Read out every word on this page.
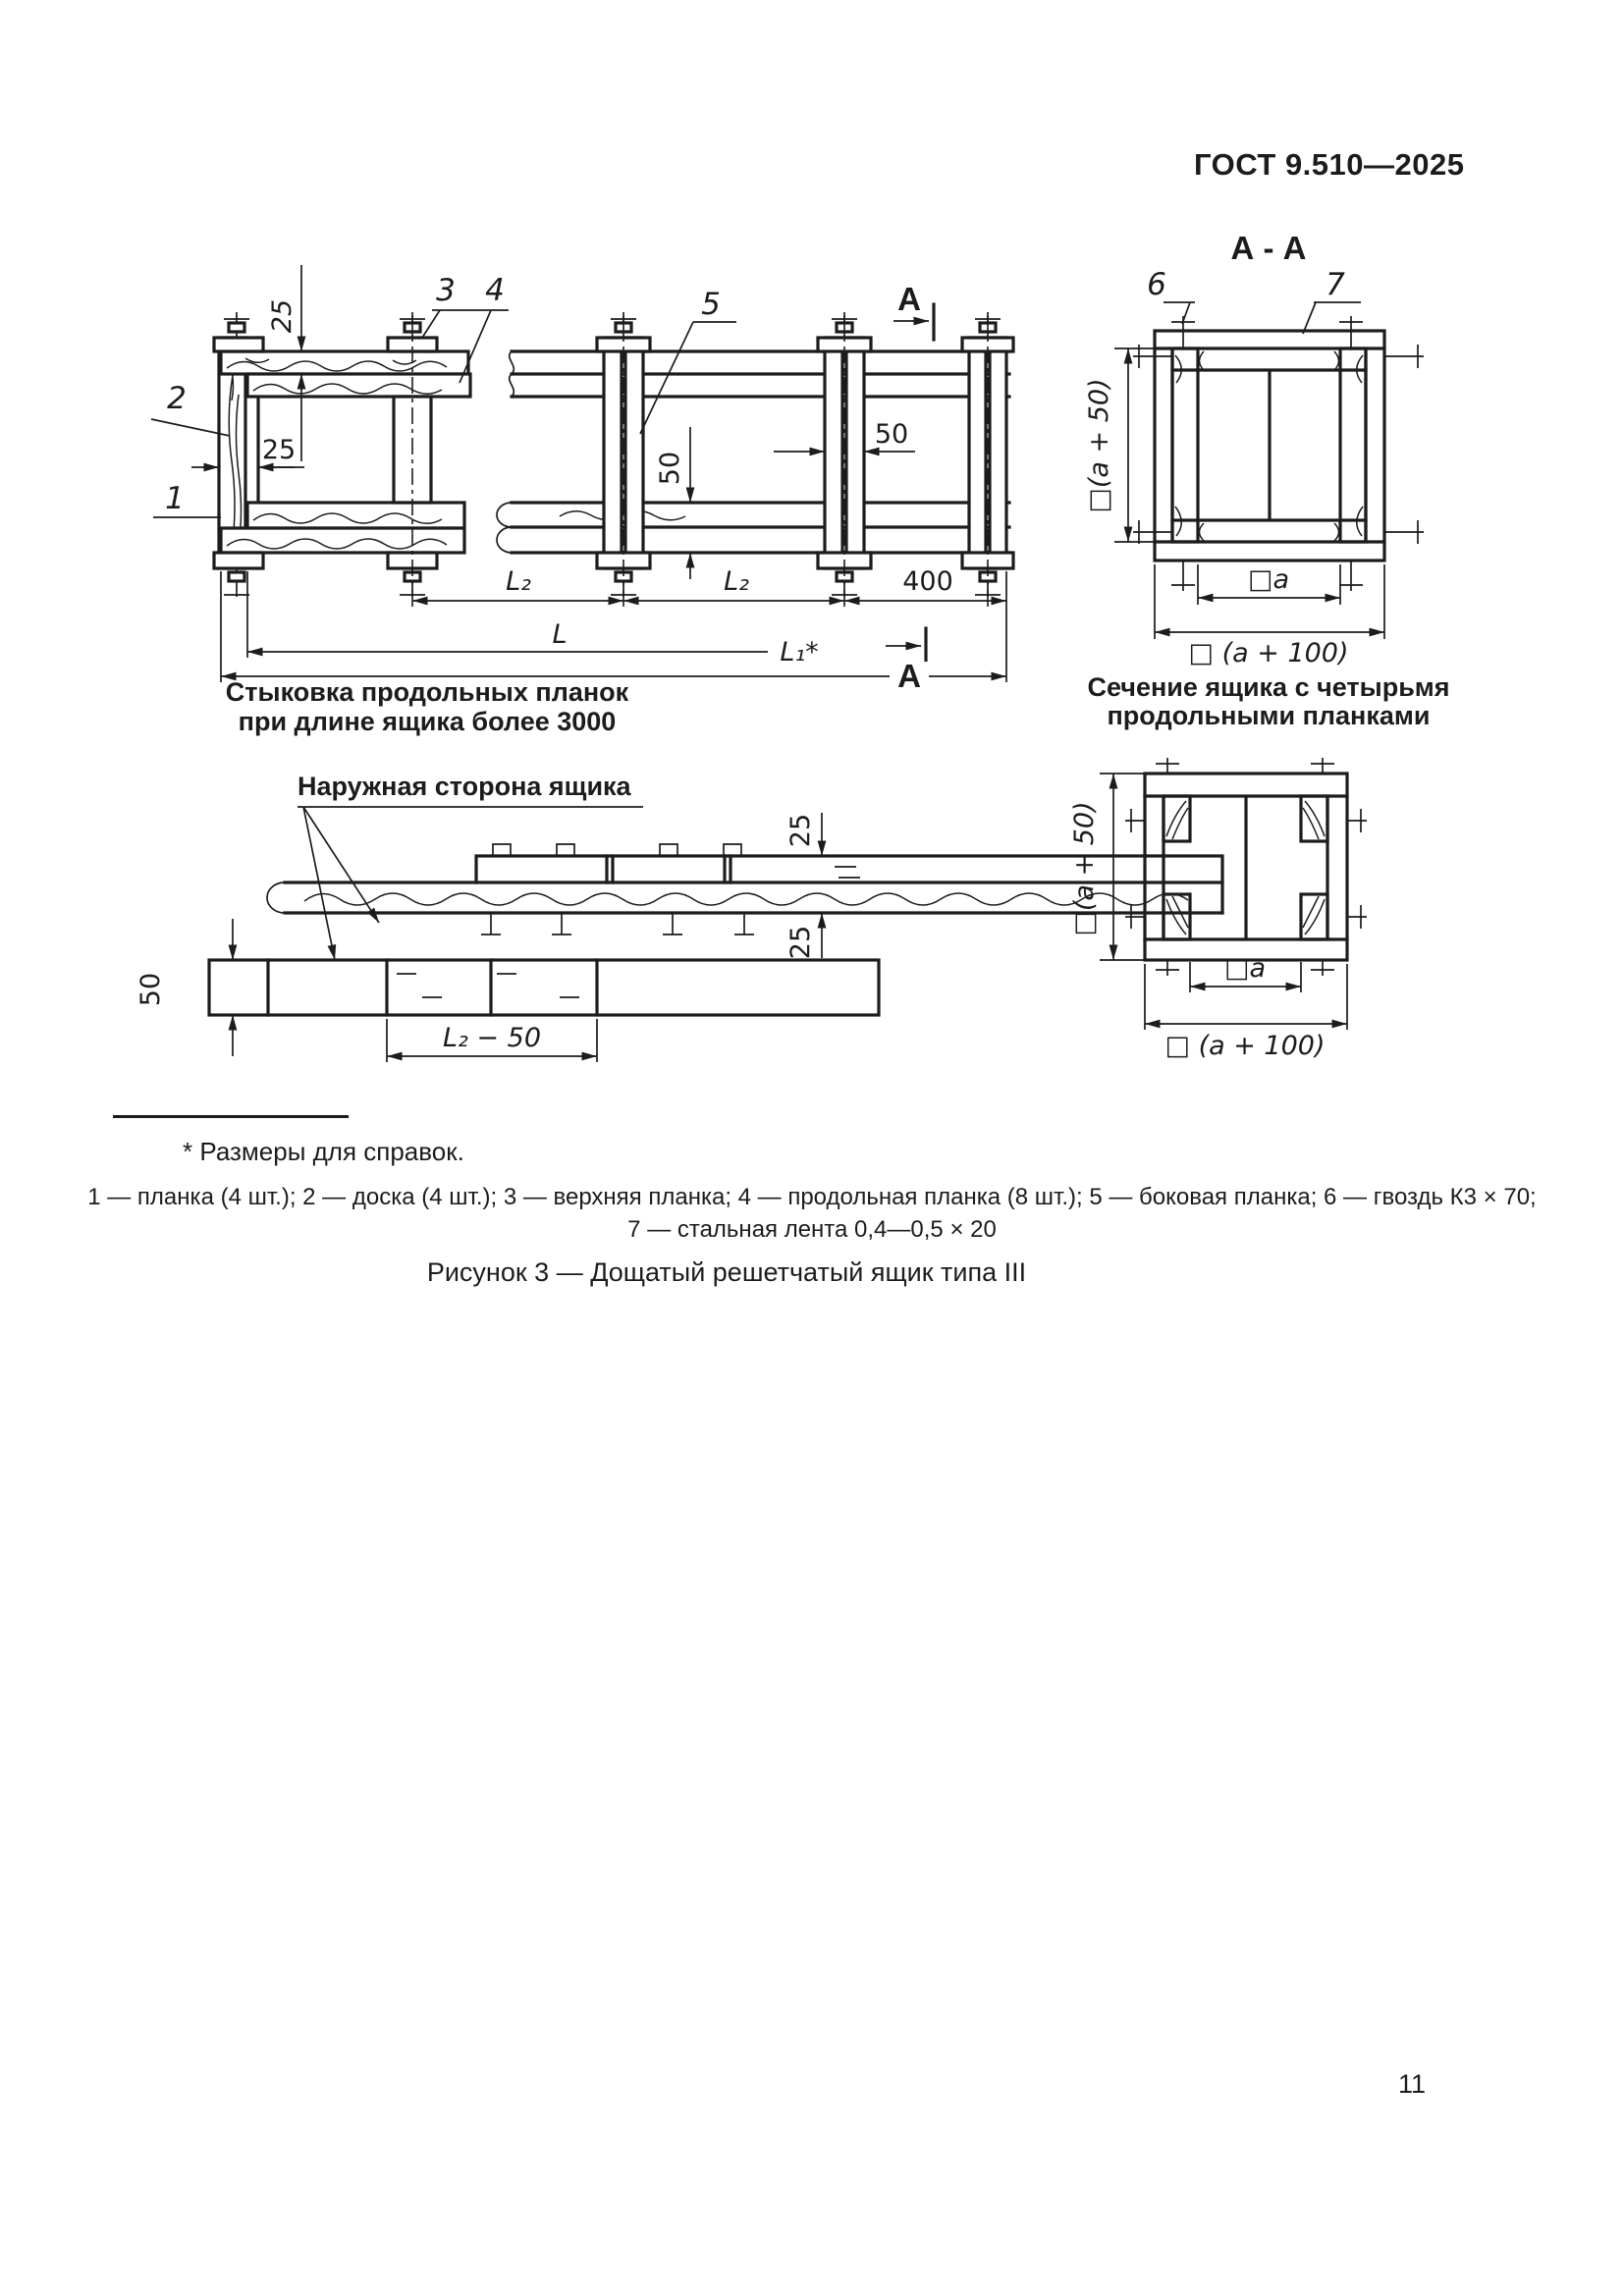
ГОСТ 9.510—2025
2
1
3 4	5
25
25
50
50
L₂	L₂	400
L
L₁*
А
А
Стыковка продольных планок
при длине ящика более 3000
А - А
6	7
□(a + 50)
□a
□ (a + 100)
Сечение ящика с четырьмя
продольными планками
Наружная сторона ящика
25
25
50
L₂ − 50
□(a + 50)
□a
□ (a + 100)
* Размеры для справок.
1 — планка (4 шт.); 2 — доска (4 шт.); 3 — верхняя планка; 4 — продольная планка (8 шт.); 5 — боковая планка; 6 — гвоздь К3 × 70;
7 — стальная лента 0,4—0,5 × 20
Рисунок 3 — Дощатый решетчатый ящик типа III
11
